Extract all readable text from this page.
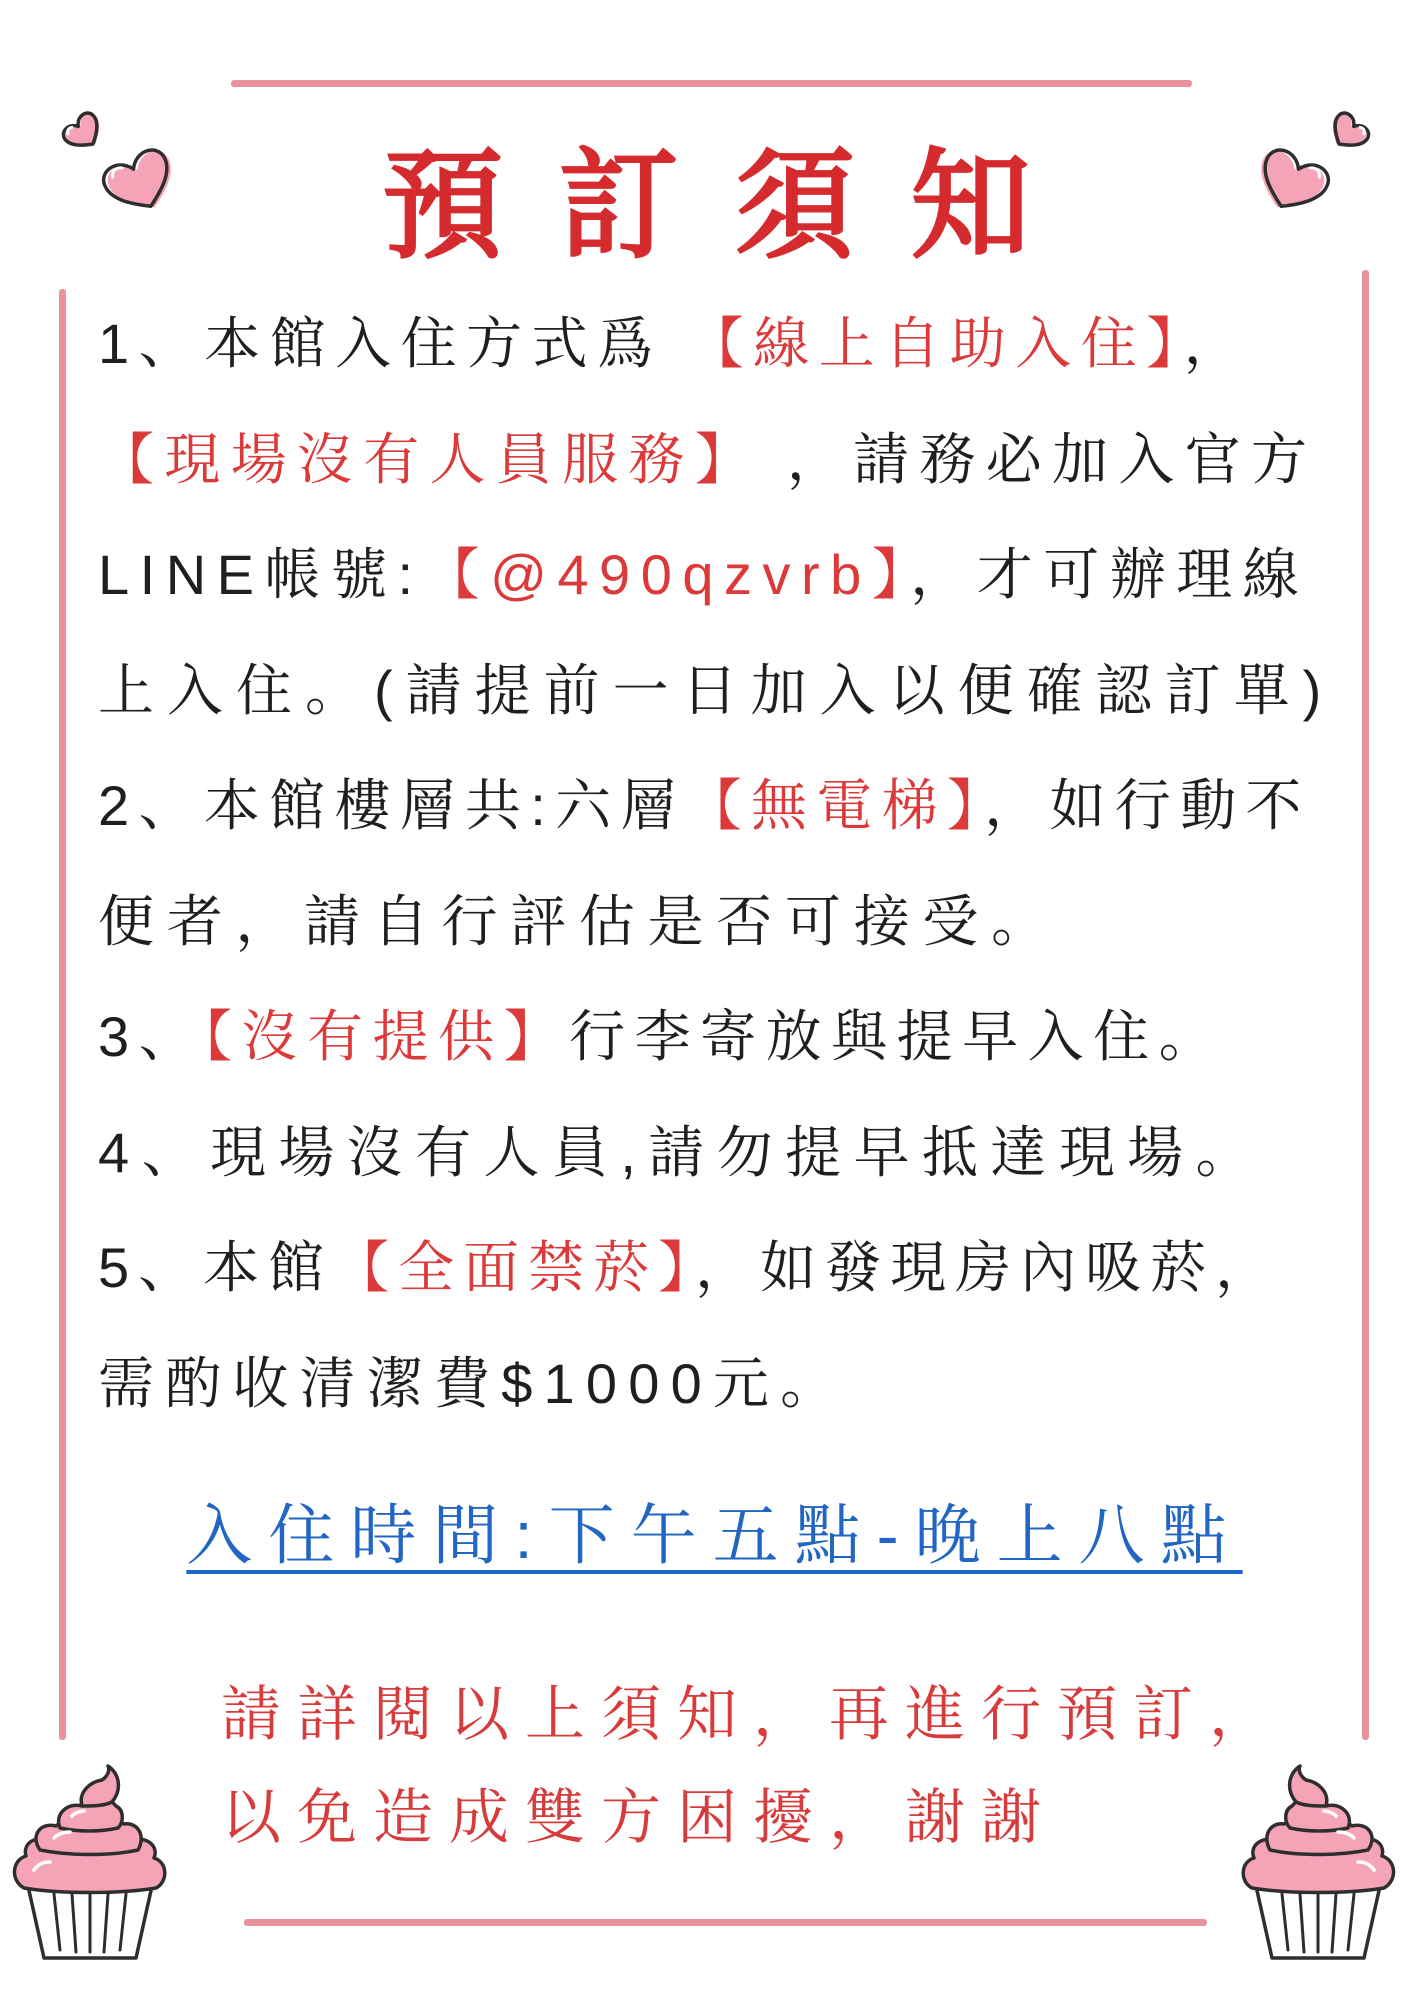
預訂須知
1、本館入住方式爲 【線上自助入住】，
【現場沒有人員服務】 ，請務必加入官方
LINE帳號:【@490qzvrb】，才可辦理線
上入住。(請提前一日加入以便確認訂單)
2、本館樓層共:六層【無電梯】，如行動不
便者，請自行評估是否可接受。
3、【沒有提供】行李寄放與提早入住。
4、現場沒有人員,請勿提早抵達現場。
5、本館【全面禁菸】，如發現房內吸菸，
需酌收清潔費$1000元。
入住時間:下午五點-晚上八點
請詳閱以上須知，再進行預訂，
以免造成雙方困擾，謝謝
